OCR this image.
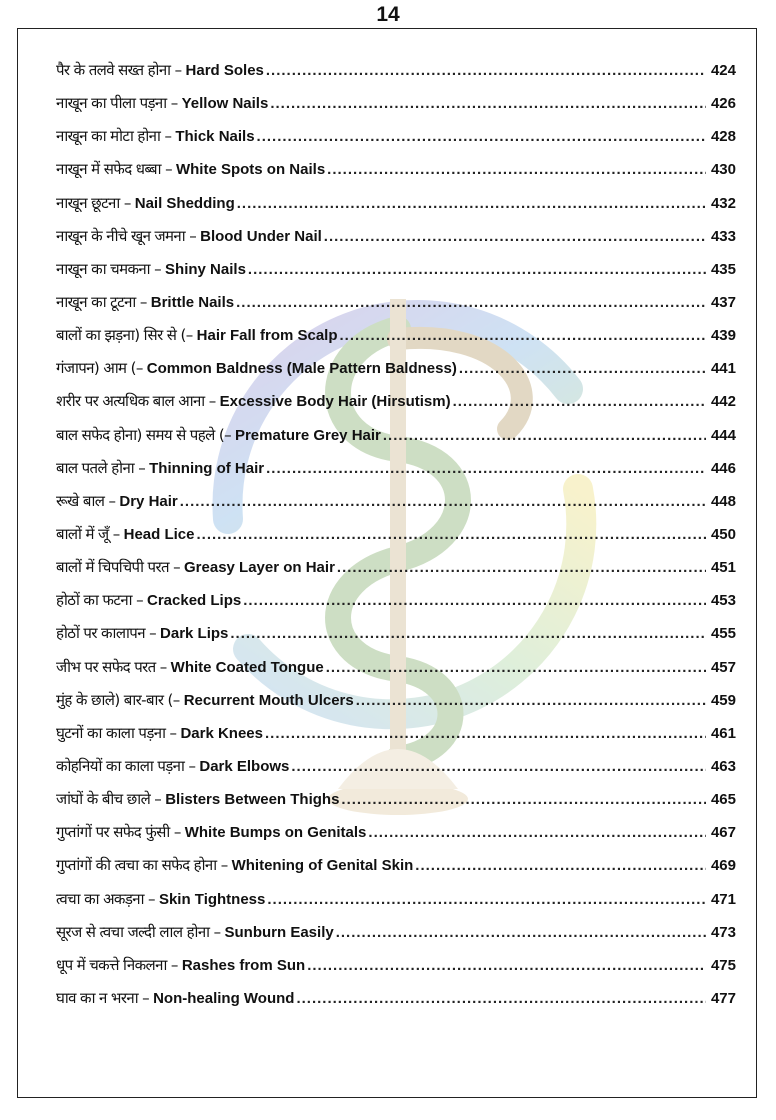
14
पैर के तलवे सख्त होना – Hard Soles .....	424
नाखून का पीला पड़ना – Yellow Nails .....	426
नाखून का मोटा होना – Thick Nails .....	428
नाखून में सफेद धब्बा – White Spots on Nails .....	430
नाखून छूटना – Nail Shedding .....	432
नाखून के नीचे खून जमना – Blood Under Nail .....	433
नाखून का चमकना – Shiny Nails .....	435
नाखून का टूटना – Brittle Nails .....	437
बालों का झड़ना) सिर से (– Hair Fall from Scalp .....	439
गंजापन) आम (– Common Baldness (Male Pattern Baldness) .....	441
शरीर पर अत्यधिक बाल आना – Excessive Body Hair (Hirsutism) .....	442
बाल सफेद होना) समय से पहले (– Premature Grey Hair .....	444
बाल पतले होना – Thinning of Hair .....	446
रूखे बाल – Dry Hair .....	448
बालों में जूँ – Head Lice .....	450
बालों में चिपचिपी परत – Greasy Layer on Hair .....	451
होठों का फटना – Cracked Lips .....	453
होठों पर कालापन – Dark Lips .....	455
जीभ पर सफेद परत – White Coated Tongue .....	457
मुंह के छाले) बार-बार (– Recurrent Mouth Ulcers .....	459
घुटनों का काला पड़ना – Dark Knees .....	461
कोहनियों का काला पड़ना – Dark Elbows .....	463
जांघों के बीच छाले – Blisters Between Thighs .....	465
गुप्तांगों पर सफेद फुंसी – White Bumps on Genitals .....	467
गुप्तांगों की त्वचा का सफेद होना – Whitening of Genital Skin .....	469
त्वचा का अकड़ना – Skin Tightness .....	471
सूरज से त्वचा जल्दी लाल होना – Sunburn Easily .....	473
धूप में चकत्ते निकलना – Rashes from Sun .....	475
घाव का न भरना – Non-healing Wound .....	477
